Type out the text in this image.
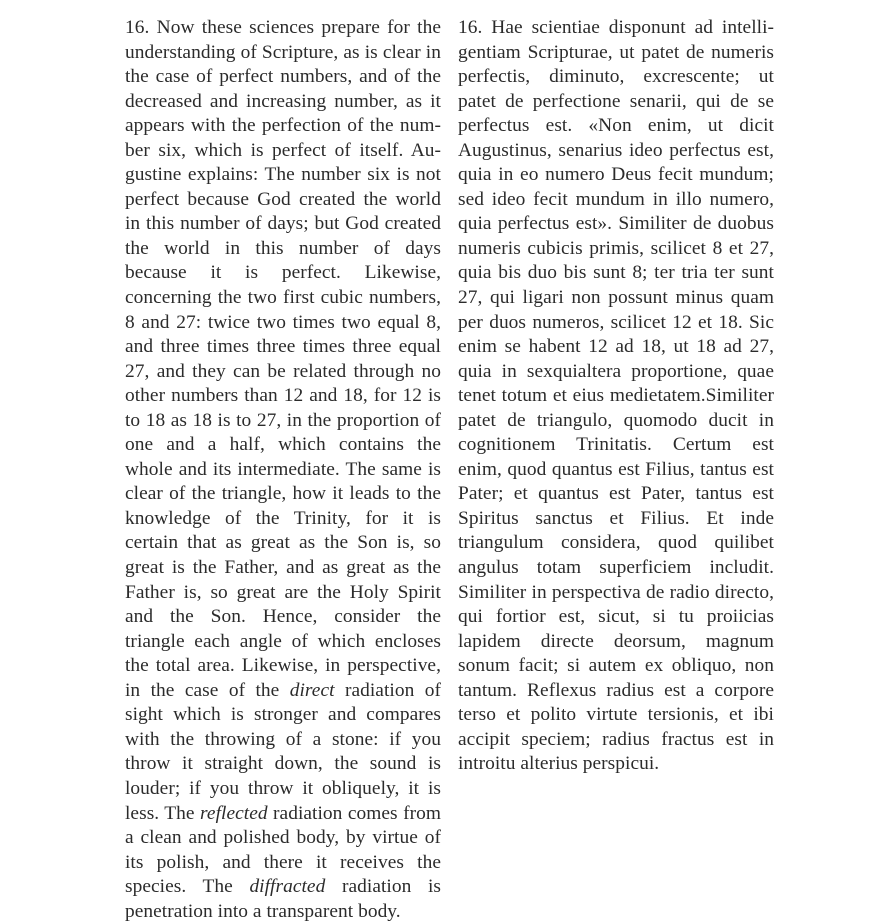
16. Now these sciences prepare for the understanding of Scripture, as is clear in the case of perfect numbers, and of the decreased and increasing number, as it appears with the perfection of the number six, which is perfect of itself. Augustine explains: The number six is not perfect because God created the world in this number of days; but God created the world in this number of days because it is perfect. Likewise, concerning the two first cubic numbers, 8 and 27: twice two times two equal 8, and three times three times three equal 27, and they can be related through no other numbers than 12 and 18, for 12 is to 18 as 18 is to 27, in the proportion of one and a half, which contains the whole and its intermediate. The same is clear of the triangle, how it leads to the knowledge of the Trinity, for it is certain that as great as the Son is, so great is the Father, and as great as the Father is, so great are the Holy Spirit and the Son. Hence, consider the triangle each angle of which encloses the total area. Likewise, in perspective, in the case of the direct radiation of sight which is stronger and compares with the throwing of a stone: if you throw it straight down, the sound is louder; if you throw it obliquely, it is less. The reflected radiation comes from a clean and polished body, by virtue of its polish, and there it receives the species. The diffracted radiation is penetration into a transparent body.

16. Hae scientiae disponunt ad intelligentiam Scripturae, ut patet de numeris perfectis, diminuto, excrescente; ut patet de perfectione senarii, qui de se perfectus est. «Non enim, ut dicit Augustinus, senarius ideo perfectus est, quia in eo numero Deus fecit mundum; sed ideo fecit mundum in illo numero, quia perfectus est». Similiter de duobus numeris cubicis primis, scilicet 8 et 27, quia bis duo bis sunt 8; ter tria ter sunt 27, qui ligari non possunt minus quam per duos numeros, scilicet 12 et 18. Sic enim se habent 12 ad 18, ut 18 ad 27, quia in sexquialtera proportione, quae tenet totum et eius medietatem.Similiter patet de triangulo, quomodo ducit in cognitionem Trinitatis. Certum est enim, quod quantus est Filius, tantus est Pater; et quantus est Pater, tantus est Spiritus sanctus et Filius. Et inde triangulum considera, quod quilibet angulus totam superficiem includit. Similiter in perspectiva de radio directo, qui fortior est, sicut, si tu proiicias lapidem directe deorsum, magnum sonum facit; si autem ex obliquo, non tantum. Reflexus radius est a corpore terso et polito virtute tersionis, et ibi accipit speciem; radius fractus est in introitu alterius perspicui.
